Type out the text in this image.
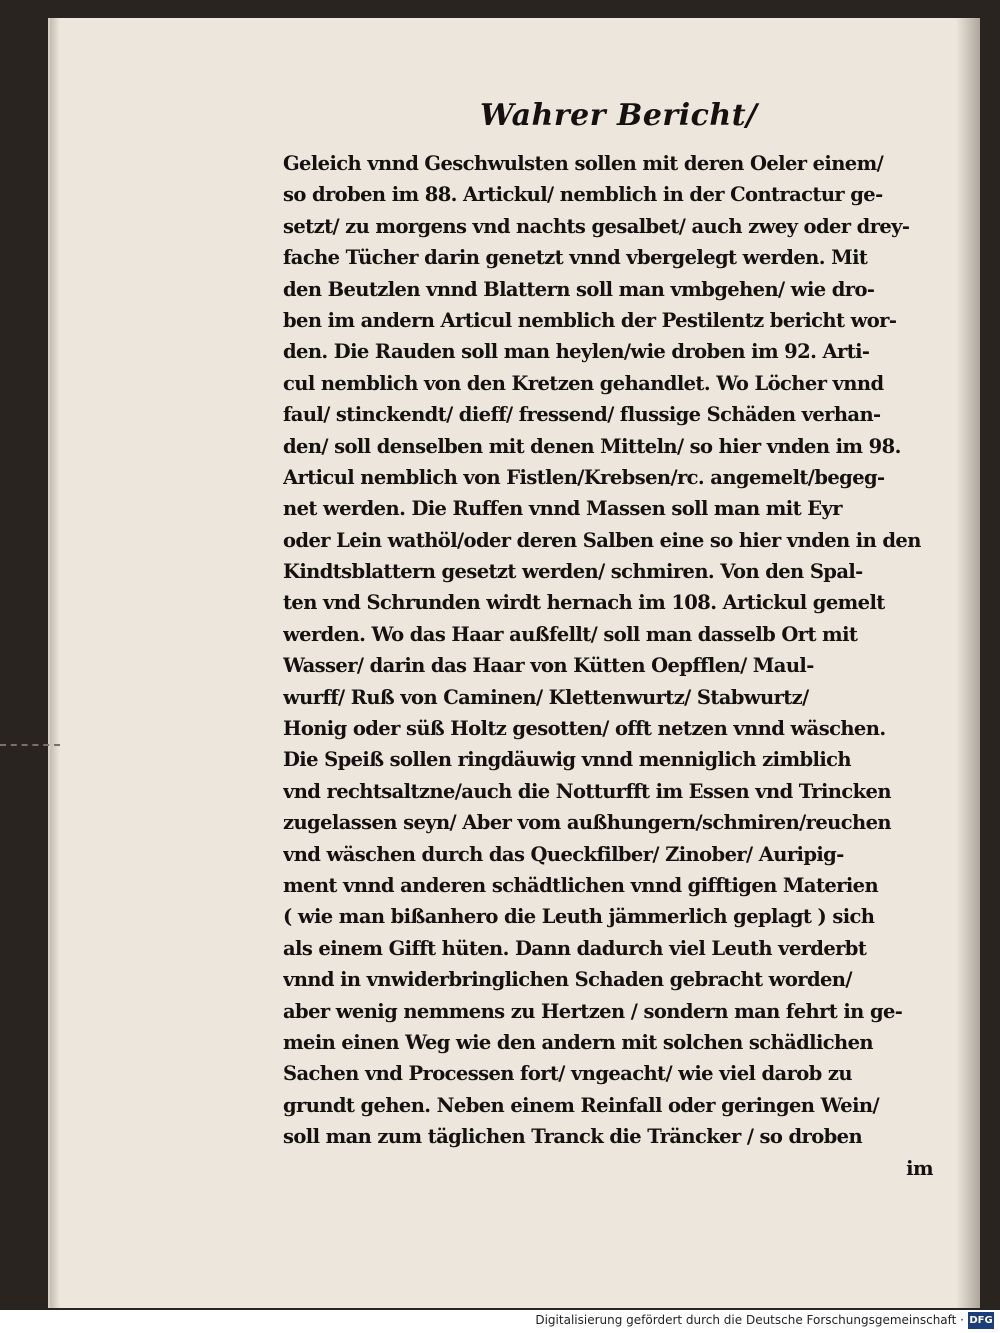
Wahrer Bericht/
Geleich vnnd Geschwulsten sollen mit deren Oeler einem/
so droben im 88. Artickul/ nemblich in der Contractur ge-
setzt/ zu morgens vnd nachts gesalbet/ auch zwey oder drey-
fache Tücher darin genetzt vnnd vbergelegt werden. Mit
den Beutzlen vnnd Blattern soll man vmbgehen/ wie dro-
ben im andern Articul nemblich der Pestilentz bericht wor-
den. Die Rauden soll man heylen/wie droben im 92. Arti-
cul nemblich von den Kretzen gehandlet. Wo Löcher vnnd
faul/ stinckendt/ dieff/ fressend/ flussige Schäden verhan-
den/ soll denselben mit denen Mitteln/ so hier vnden im 98.
Articul nemblich von Fistlen/Krebsen/rc. angemelt/begeg-
net werden. Die Ruffen vnnd Massen soll man mit Eyr
oder Lein wathöl/oder deren Salben eine so hier vnden in den
Kindtsblattern gesetzt werden/ schmiren. Von den Spal-
ten vnd Schrunden wirdt hernach im 108. Artickul gemelt
werden. Wo das Haar außfellt/ soll man dasselb Ort mit
Wasser/ darin das Haar von Kütten Oepfflen/ Maul-
wurff/ Ruß von Caminen/ Klettenwurtz/ Stabwurtz/
Honig oder süß Holtz gesotten/ offt netzen vnnd wäschen.
Die Speiß sollen ringdäuwig vnnd menniglich zimblich
vnd rechtsaltzne/auch die Notturfft im Essen vnd Trincken
zugelassen seyn/ Aber vom außhungern/schmiren/reuchen
vnd wäschen durch das Queckfilber/ Zinober/ Auripig-
ment vnnd anderen schädtlichen vnnd gifftigen Materien
( wie man bißanhero die Leuth jämmerlich geplagt ) sich
als einem Gifft hüten. Dann dadurch viel Leuth verderbt
vnnd in vnwiderbringlichen Schaden gebracht worden/
aber wenig nemmens zu Hertzen / sondern man fehrt in ge-
mein einen Weg wie den andern mit solchen schädlichen
Sachen vnd Processen fort/ vngeacht/ wie viel darob zu
grundt gehen. Neben einem Reinfall oder geringen Wein/
soll man zum täglichen Tranck die Träncker / so droben
im
Digitalisierung gefördert durch die Deutsche Forschungsgemeinschaft · DFG
